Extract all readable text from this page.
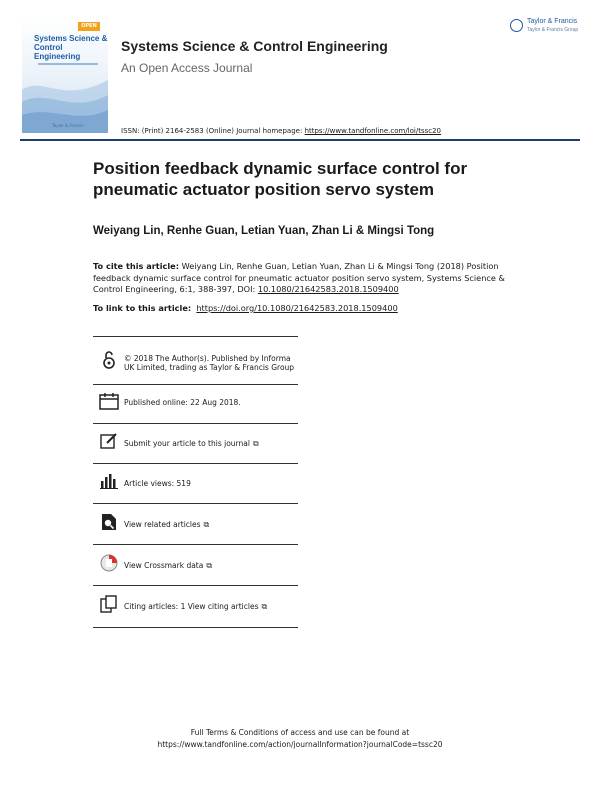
OPEN
Systems Science & Control Engineering
Taylor & Francis
Systems Science & Control Engineering
An Open Access Journal
Taylor & Francis
Taylor & Francis Group
ISSN: (Print) 2164-2583 (Online) Journal homepage: https://www.tandfonline.com/loi/tssc20
Position feedback dynamic surface control for pneumatic actuator position servo system
Weiyang Lin, Renhe Guan, Letian Yuan, Zhan Li & Mingsi Tong
To cite this article: Weiyang Lin, Renhe Guan, Letian Yuan, Zhan Li & Mingsi Tong (2018) Position feedback dynamic surface control for pneumatic actuator position servo system, Systems Science & Control Engineering, 6:1, 388-397, DOI: 10.1080/21642583.2018.1509400
To link to this article: https://doi.org/10.1080/21642583.2018.1509400
© 2018 The Author(s). Published by Informa UK Limited, trading as Taylor & Francis Group
Published online: 22 Aug 2018.
Submit your article to this journal ⧉
Article views: 519
View related articles ⧉
View Crossmark data ⧉
Citing articles: 1 View citing articles ⧉
Full Terms & Conditions of access and use can be found at
https://www.tandfonline.com/action/journalInformation?journalCode=tssc20
